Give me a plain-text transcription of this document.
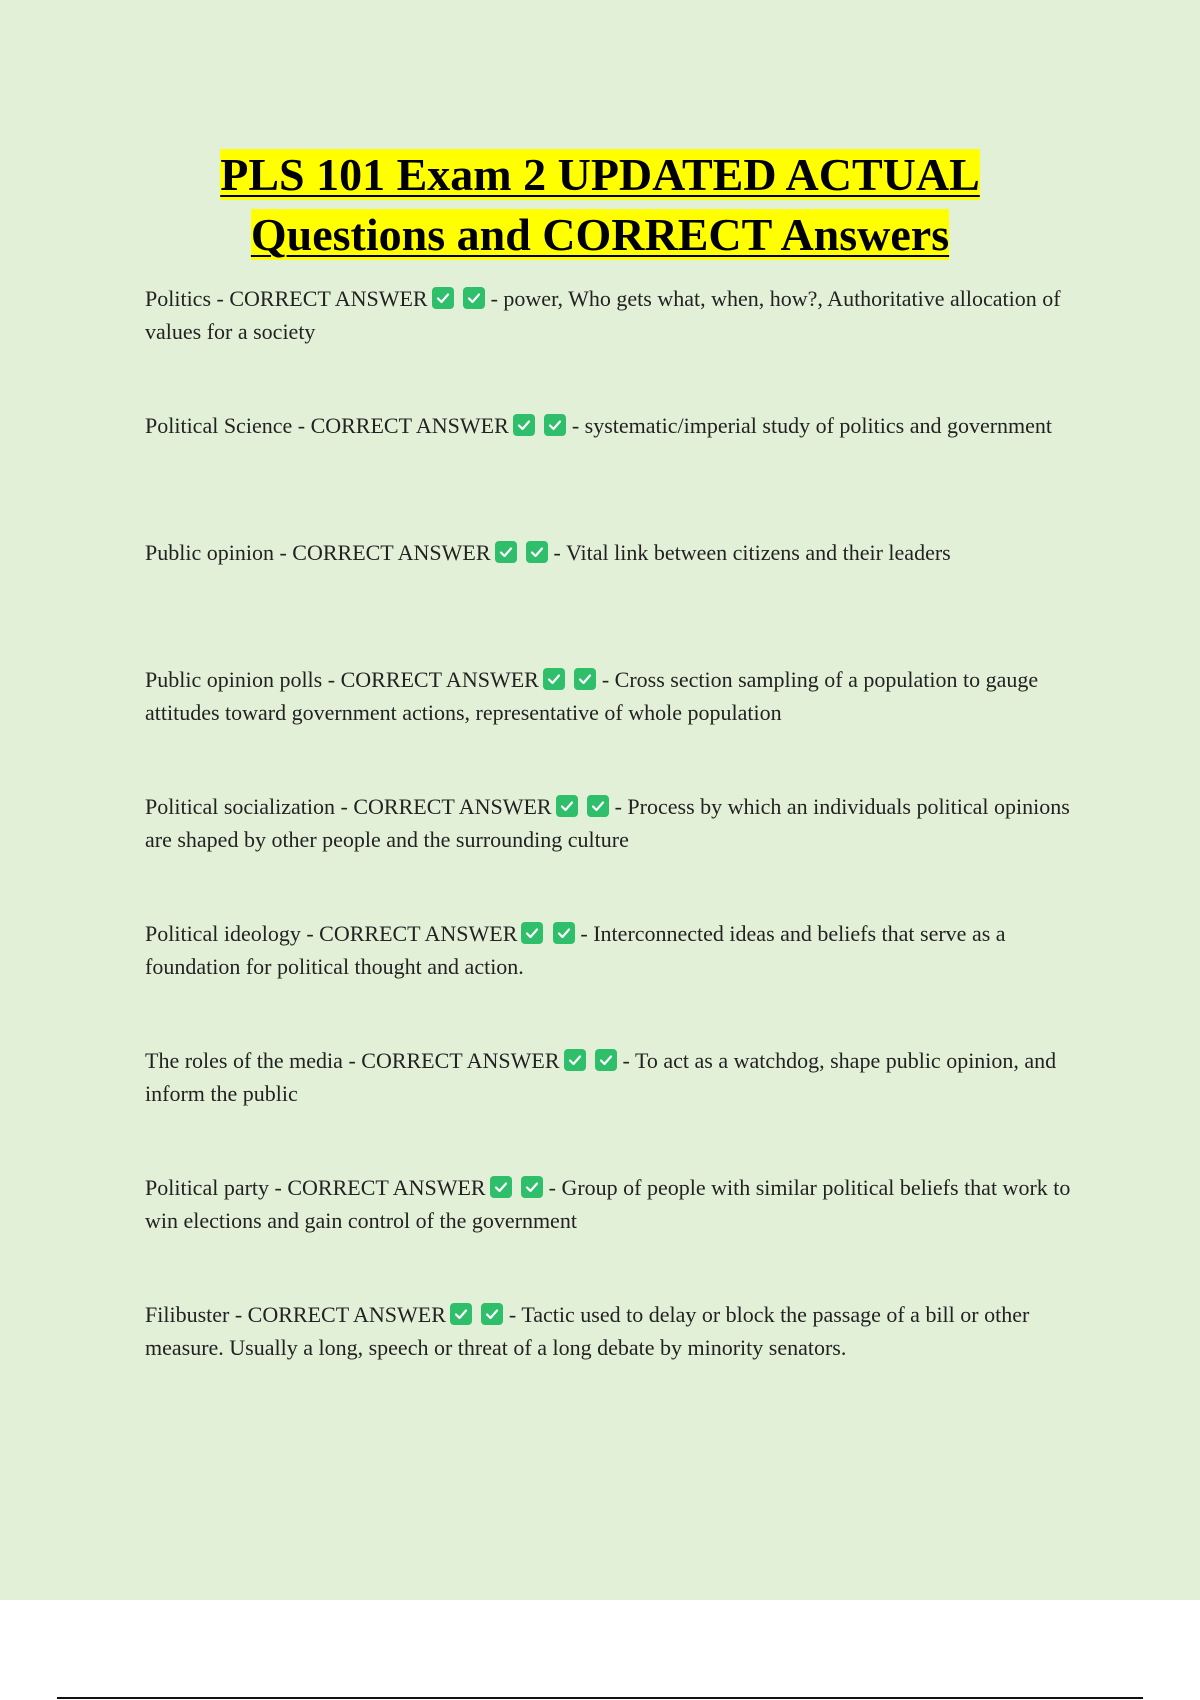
PLS 101 Exam 2 UPDATED ACTUAL
Questions and CORRECT Answers
Politics - CORRECT ANSWER
	- power, Who gets what, when, how?, Authoritative allocation of values for a society
Political Science - CORRECT ANSWER
	- systematic/imperial study of politics and government
Public opinion - CORRECT ANSWER
	- Vital link between citizens and their leaders
Public opinion polls - CORRECT ANSWER
	- Cross section sampling of a population to gauge attitudes toward government actions, representative of whole population
Political socialization - CORRECT ANSWER
	- Process by which an individuals political opinions are shaped by other people and the surrounding culture
Political ideology - CORRECT ANSWER
	- Interconnected ideas and beliefs that serve as a foundation for political thought and action.
The roles of the media - CORRECT ANSWER
	- To act as a watchdog, shape public opinion, and inform the public
Political party - CORRECT ANSWER
	- Group of people with similar political beliefs that work to win elections and gain control of the government
Filibuster - CORRECT ANSWER
	- Tactic used to delay or block the passage of a bill or other measure. Usually a long, speech or threat of a long debate by minority senators.
